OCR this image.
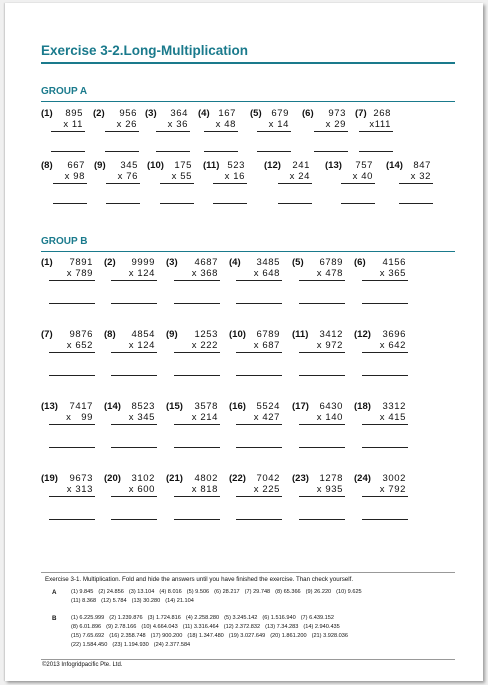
Exercise 3-2.Long-Multiplication
GROUP A
(1) 895
x 11
(2) 956
x 26
(3) 364
x 36
(4) 167
x 48
(5) 679
x 14
(6) 973
x 29
(7) 268
x111
(8) 667
x 98
(9) 345
x 76
(10) 175
x 55
(11) 523
x 16
(12) 241
x 24
(13) 757
x 40
(14) 847
x 32
GROUP B
(1) 7891
x 789
(2) 9999
x 124
(3) 4687
x 368
(4) 3485
x 648
(5) 6789
x 478
(6) 4156
x 365
(7) 9876
x 652
(8) 4854
x 124
(9) 1253
x 222
(10) 6789
x 687
(11) 3412
x 972
(12) 3696
x 642
(13) 7417
x   99
(14) 8523
x 345
(15) 3578
x 214
(16) 5524
x 427
(17) 6430
x 140
(18) 3312
x 415
(19) 9673
x 313
(20) 3102
x 600
(21) 4802
x 818
(22) 7042
x 225
(23) 1278
x 935
(24) 3002
x 792
Exercise 3-1. Multiplication. Fold and hide the answers until you have finished the exercise. Than check yourself.
A
B
(1) 9.845 (2) 24.856 (3) 13.104 (4) 8.016 (5) 9.506 (6) 28.217 (7) 29.748 (8) 65.366 (9) 26.220 (10) 9.625
(11) 8.368 (12) 5.784 (13) 30.280 (14) 21.104
(1) 6.225.999 (2) 1.239.876 (3) 1.724.816 (4) 2.258.280 (5) 3.245.142 (6) 1.516.940 (7) 6.439.152
(8) 6.01.896 (9) 2.78.166 (10) 4.664.043 (11) 3.316.464 (12) 2.372.832 (13) 7.34.283 (14) 2.940.435
(15) 7.65.692 (16) 2.358.748 (17) 900.200 (18) 1.347.480 (19) 3.027.649 (20) 1.861.200 (21) 3.928.036
(22) 1.584.450 (23) 1.194.930 (24) 2.377.584
©2013 Infogridpacific Pte. Ltd.
